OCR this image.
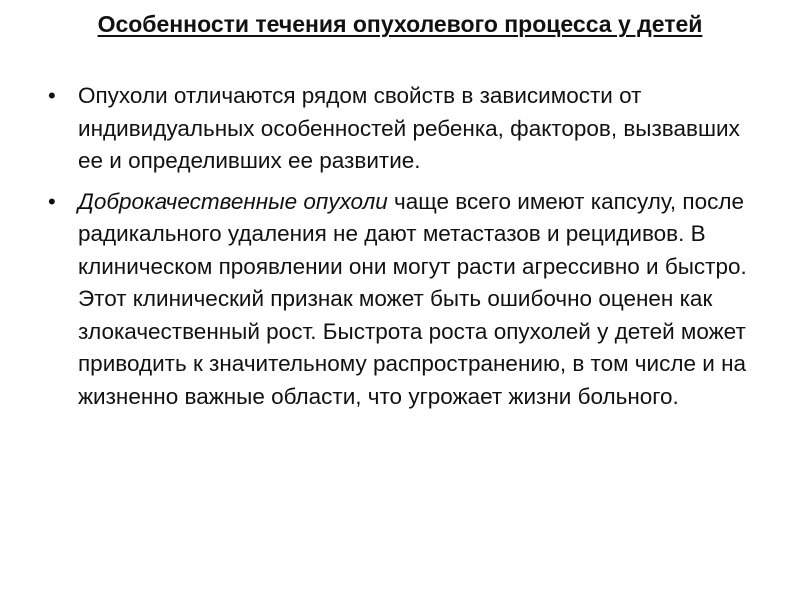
Особенности течения опухолевого процесса у детей
• Опухоли отличаются рядом свойств в зависимости от индивидуальных особенностей ребенка, факторов, вызвавших ее и определивших ее развитие.
• Доброкачественные опухоли чаще всего имеют капсулу, после радикального удаления не дают метастазов и рецидивов. В клиническом проявлении они могут расти агрессивно и быстро. Этот клинический признак может быть ошибочно оценен как злокачественный рост. Быстрота роста опухолей у детей может приводить к значительному распространению, в том числе и на жизненно важные области, что угрожает жизни больного.
